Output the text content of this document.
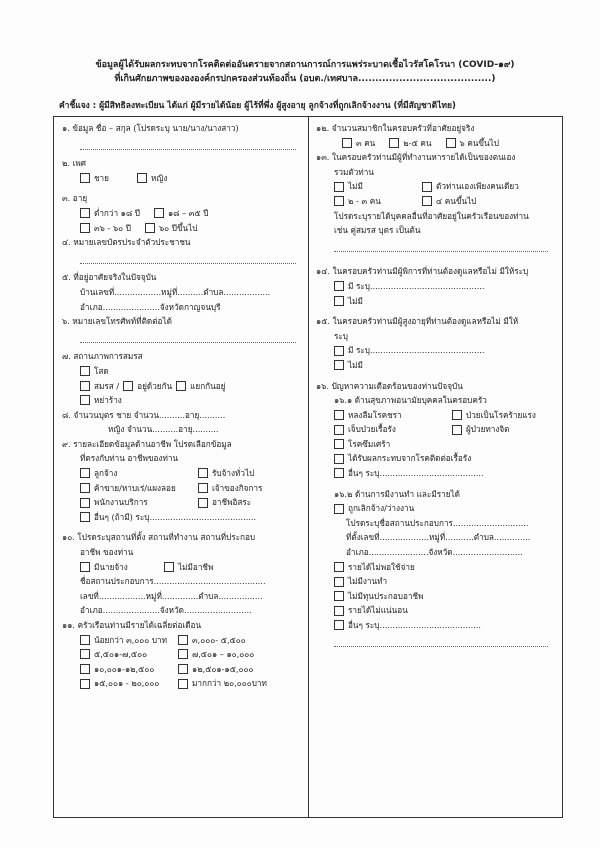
ข้อมูลผู้ได้รับผลกระทบจากโรคติดต่ออันตรายจากสถานการณ์การแพร่ระบาดเชื้อไวรัสโคโรนา (COVID-๑๙)
ที่เกินศักยภาพของององค์กรปกครองส่วนท้องถิ่น (อบต./เทศบาล.......................................)
คำชี้แจง : ผู้มีสิทธิลงทะเบียน ได้แก่ ผู้มีรายได้น้อย ผู้ไร้ที่พึ่ง ผู้สูงอายุ ลูกจ้างที่ถูกเลิกจ้างงาน (ที่มีสัญชาติไทย)
๑. ข้อมูล ชื่อ – สกุล (โปรดระบุ นาย/นาง/นางสาว)
๒. เพศ
ชาย	หญิง
๓. อายุ
ต่ำกว่า ๑๘ ปี	๑๘ – ๓๕ ปี
๓๖ - ๖๐ ปี	๖๐ ปีขึ้นไป
๔. หมายเลขบัตรประจำตัวประชาชน
๕. ที่อยู่อาศัยจริงในปัจจุบัน
บ้านเลขที่..................หมู่ที่..........ตำบล..................
อำเภอ......................จังหวัดกาญจนบุรี
๖. หมายเลขโทรศัพท์ที่ติดต่อได้
๗. สถานภาพการสมรส
โสด
สมรส / อยู่ด้วยกัน แยกกันอยู่
หย่าร้าง
๘. จำนวนบุตร ชาย จำนวน..........อายุ..........
หญิง จำนวน..........อายุ..........
๙. รายละเอียดข้อมูลด้านอาชีพ โปรดเลือกข้อมูล
ที่ตรงกับท่าน อาชีพของท่าน
ลูกจ้าง	รับจ้างทั่วไป
ค้าขาย/หาบเร่/แผงลอย	เจ้าของกิจการ
พนักงานบริการ	อาชีพอิสระ
อื่นๆ (ถ้ามี) ระบุ.........................................
๑๐. โปรดระบุสถานที่ตั้ง สถานที่ทำงาน สถานที่ประกอบ
อาชีพ ของท่าน
มีนายจ้าง	ไม่มีอาชีพ
ชื่อสถานประกอบการ...........................................
เลขที่..................หมู่ที่..............ตำบล.................
อำเภอ......................จังหวัด..........................
๑๑. ครัวเรือนท่านมีรายได้เฉลี่ยต่อเดือน
น้อยกว่า ๓,๐๐๐ บาท	๓,๐๐๐- ๕,๕๐๐
๕,๕๐๑-๗,๕๐๐	๗,๕๐๑ – ๑๐,๐๐๐
๑๐,๐๐๑-๑๒,๕๐๐	๑๒,๕๐๑-๑๕,๐๐๐
๑๕,๐๐๑ - ๒๐,๐๐๐	มากกว่า ๒๐,๐๐๐บาท
๑๒. จำนวนสมาชิกในครอบครัวที่อาศัยอยู่จริง
๓ คน	๒-๕ คน	๖ คนขึ้นไป
๑๓. ในครอบครัวท่านมีผู้ที่ทำงานหารายได้เป็นของตนเอง
รวมตัวท่าน
ไม่มี	ตัวท่านเองเพียงคนเดียว
๒ - ๓ คน	๔ คนขึ้นไป
โปรดระบุรายได้บุคคลอื่นที่อาศัยอยู่ในครัวเรือนของท่าน
เช่น คู่สมรส บุตร เป็นต้น
๑๔. ในครอบครัวท่านมีผู้พิการที่ท่านต้องดูแลหรือไม่ มีให้ระบุ
มี ระบุ............................................
ไม่มี
๑๕. ในครอบครัวท่านมีผู้สูงอายุที่ท่านต้องดูแลหรือไม่ มีให้
ระบุ
มี ระบุ............................................
ไม่มี
๑๖. ปัญหาความเดือดร้อนของท่านปัจจุบัน
๑๖.๑ ด้านสุขภาพอนามัยบุคคลในครอบครัว
หลงลืมโรคชรา	ป่วยเป็นโรคร้ายแรง
เจ็บป่วยเรื้อรัง	ผู้ป่วยทางจิต
โรคซึมเศร้า
ได้รับผลกระทบจากโรคติดต่อเรื้อรัง
อื่นๆ ระบุ........................................
๑๖.๒ ด้านการมีงานทำ และมีรายได้
ถูกเลิกจ้าง/ว่างงาน
โปรดระบุชื่อสถานประกอบการ.............................
ที่ตั้งเลขที่...................หมู่ที่...........ตำบล..............
อำเภอ.......................จังหวัด...........................
รายได้ไม่พอใช้จ่าย
ไม่มีงานทำ
ไม่มีทุนประกอบอาชีพ
รายได้ไม่แน่นอน
อื่นๆ ระบุ.......................................
